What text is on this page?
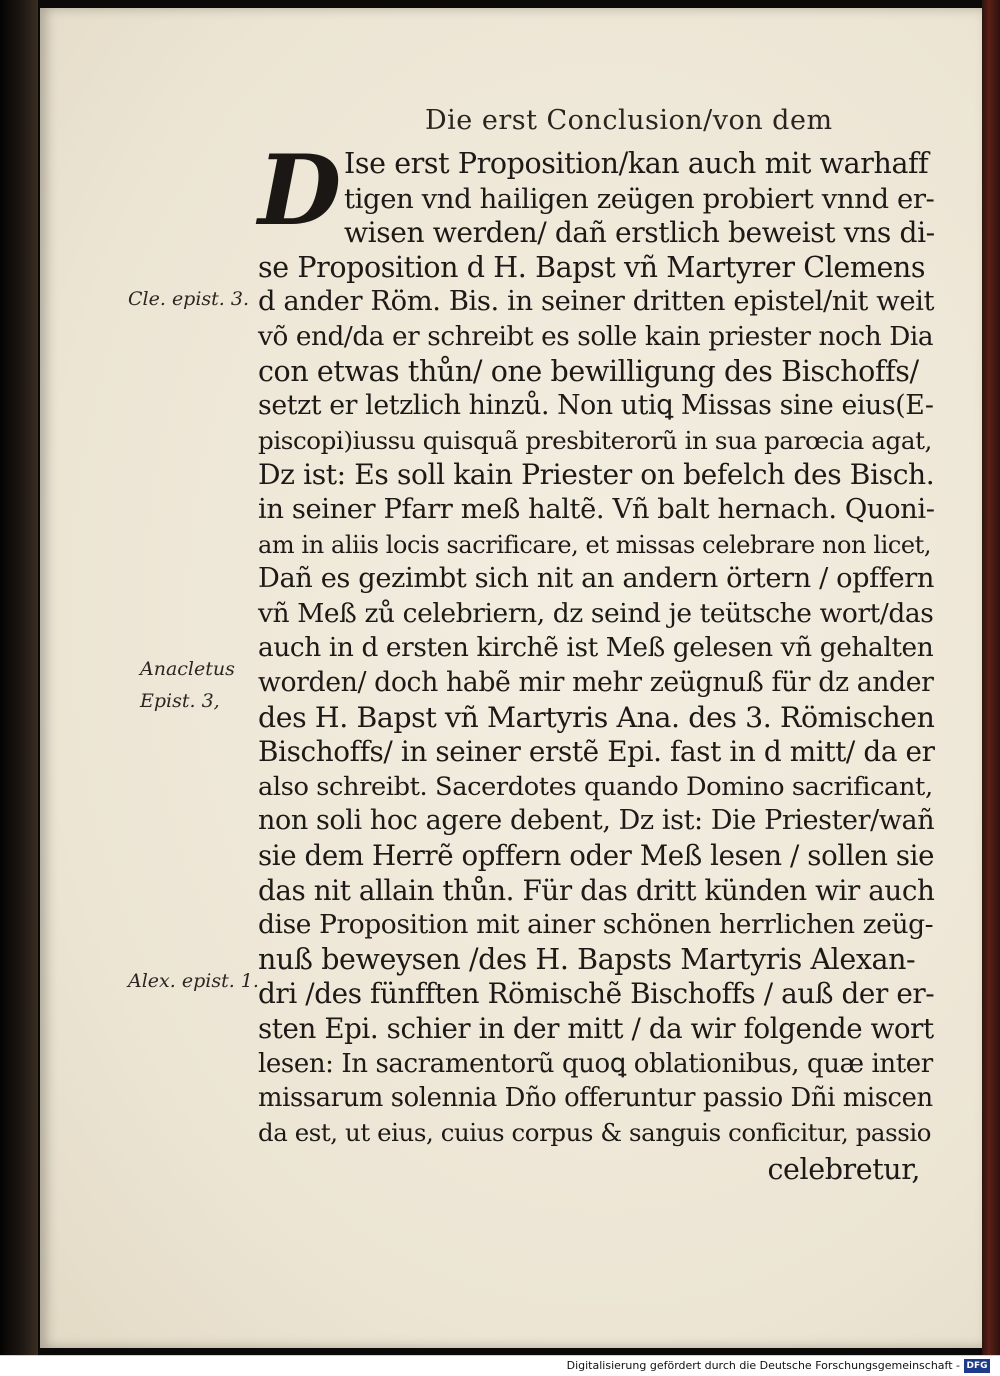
Die erst Conclusion/von dem
D Ise erst Proposition/kan auch mit warhaff
tigen vnd hailigen zeügen probiert vnnd er-
wisen werden/ dañ erstlich beweist vns di-
se Proposition d H. Bapst vñ Martyrer Clemens
d ander Röm. Bis. in seiner dritten epistel/nit weit
võ end/da er schreibt es solle kain priester noch Dia
con etwas thůn/ one bewilligung des Bischoffs/
setzt er letzlich hinzů. Non utiꝗ Missas sine eius(E-
piscopi)iussu quisquã presbiterorũ in sua parœcia agat,
Dz ist: Es soll kain Priester on befelch des Bisch.
in seiner Pfarr meß haltẽ. Vñ balt hernach. Quoni-
am in aliis locis sacrificare, et missas celebrare non licet,
Dañ es gezimbt sich nit an andern örtern / opffern
vñ Meß zů celebriern, dz seind je teütsche wort/das
auch in d ersten kirchẽ ist Meß gelesen vñ gehalten
worden/ doch habẽ mir mehr zeügnuß für dz ander
des H. Bapst vñ Martyris Ana. des 3. Römischen
Bischoffs/ in seiner erstẽ Epi. fast in d mitt/ da er
also schreibt. Sacerdotes quando Domino sacrificant,
non soli hoc agere debent, Dz ist: Die Priester/wañ
sie dem Herrẽ opffern oder Meß lesen / sollen sie
das nit allain thůn. Für das dritt künden wir auch
dise Proposition mit ainer schönen herrlichen zeüg-
nuß beweysen /des H. Bapsts Martyris Alexan-
dri /des fünfften Römischẽ Bischoffs / auß der er-
sten Epi. schier in der mitt / da wir folgende wort
lesen: In sacramentorũ quoꝗ oblationibus, quæ inter
missarum solennia Dño offeruntur passio Dñi miscen
da est, ut eius, cuius corpus & sanguis conficitur, passio
celebretur,
Cle. epist. 3.
Anacletus
Epist. 3,
Alex. epist. 1.
Digitalisierung gefördert durch die Deutsche Forschungsgemeinschaft - DFG
